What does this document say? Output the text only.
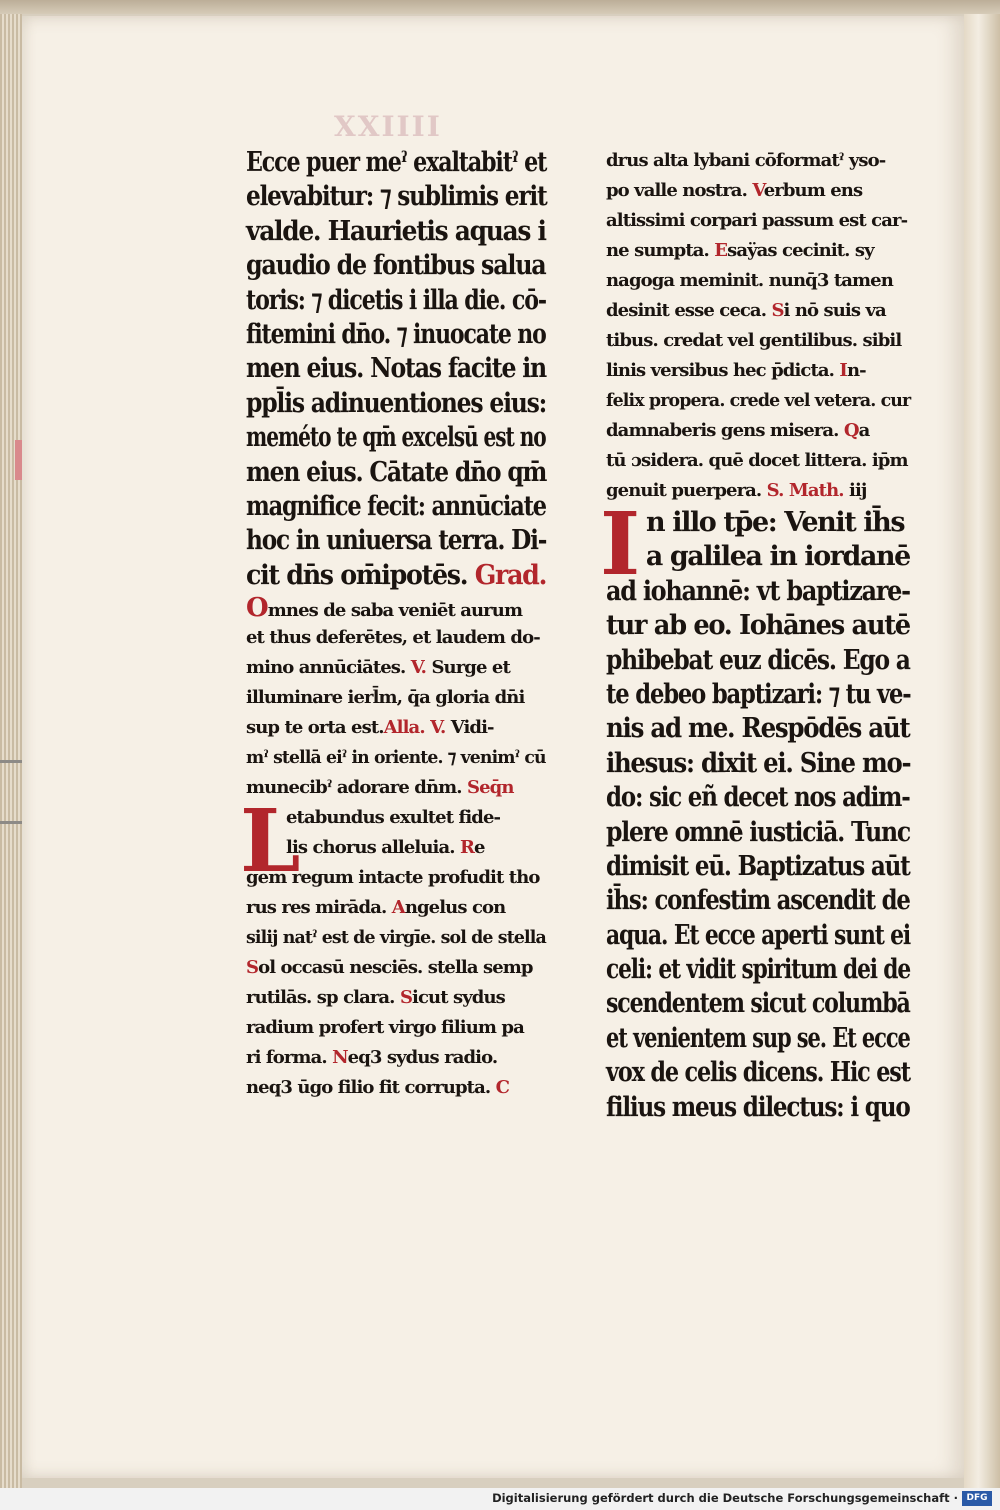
XXIIII
Ecce puer meˀ exaltabitˀ et
elevabitur: ⁊ sublimis erit
valde. Haurietis aquas i
gaudio de fontibus salua
toris: ⁊ dicetis i illa die. cō-
fitemini dn̄o. ⁊ inuocate no
men eius. Notas facite in
ppl̄is adinuentiones eius:
meméto te qm̄ excelsū est no
men eius. Cātate dn̄o qm̄
magnifice fecit: annūciate
hoc in uniuersa terra. Di-
cit dn̄s om̄ipotēs. Grad.
Omnes de saba veniēt aurum
et thus deferētes, et laudem do-
mino annūciātes. V. Surge et
illuminare ierl̄m, q̄a gloria dn̄i
sup te orta est.Alla. V. Vidi-
mˀ stellā eiˀ in oriente. ⁊ venimˀ cū
munecibˀ adorare dn̄m. Seq̄n
L
etabundus exultet fide-
lis chorus alleluia. Re
gem regum intacte profudit tho
rus res mirāda. Angelus con
silij natˀ est de virgīe. sol de stella
Sol occasū nesciēs. stella semp
rutilās. sp clara. Sicut sydus
radium profert virgo filium pa
ri forma. Neq3 sydus radio.
neq3 ūgo filio fit corrupta. C
drus alta lybani cōformatˀ yso-
po valle nostra. Verbum ens
altissimi corpari passum est car-
ne sumpta. Esaÿas cecinit. sy
nagoga meminit. nunq̄3 tamen
desinit esse ceca. Si nō suis va
tibus. credat vel gentilibus. sibil
linis versibus hec p̄dicta. In-
felix propera. crede vel vetera. cur
damnaberis gens misera. Qa
tū ɔsidera. quē docet littera. ip̄m
genuit puerpera. S. Math. iij
I n illo tp̄e: Venit ih̄s
a galilea in iordanē
ad iohannē: vt baptizare-
tur ab eo. Iohānes autē
phibebat euz dicēs. Ego a
te debeo baptizari: ⁊ tu ve-
nis ad me. Respōdēs aūt
ihesus: dixit ei. Sine mo-
do: sic eñ decet nos adim-
plere omnē iusticiā. Tunc
dimisit eū. Baptizatus aūt
ih̄s: confestim ascendit de
aqua. Et ecce aperti sunt ei
celi: et vidit spiritum dei de
scendentem sicut columbā
et venientem sup se. Et ecce
vox de celis dicens. Hic est
filius meus dilectus: i quo
Digitalisierung gefördert durch die Deutsche Forschungsgemeinschaft · DFG
